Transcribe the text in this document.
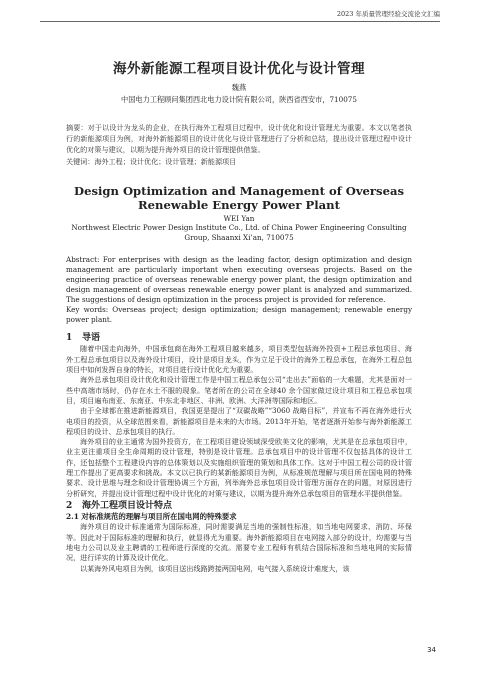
2023 年质量管理经验交流论文汇编
海外新能源工程项目设计优化与设计管理
魏燕
中国电力工程顾问集团西北电力设计院有限公司，陕西省西安市，710075
摘要：对于以设计为龙头的企业，在执行海外工程项目过程中，设计优化和设计管理尤为重要。本文以笔者执行的新能源项目为例，对海外新能源项目的设计优化与设计管理进行了分析和总结，提出设计管理过程中设计优化的对策与建议，以期为提升海外项目的设计管理提供借鉴。
关键词：海外工程；设计优化；设计管理；新能源项目
Design Optimization and Management of Overseas
Renewable Energy Power Plant
WEI Yan
Northwest Electric Power Design Institute Co., Ltd. of China Power Engineering Consulting
Group, Shaanxi Xi’an, 710075
Abstract: For enterprises with design as the leading factor, design optimization and design management are particularly important when executing overseas projects. Based on the engineering practice of overseas renewable energy power plant, the design optimization and design management of overseas renewable energy power plant is analyzed and summarized. The suggestions of design optimization in the process project is provided for reference.
Key words: Overseas project; design optimization; design management; renewable energy power plant.
1 导语

随着中国走向海外，中国承包商在海外工程项目越来越多，项目类型包括海外投资+工程总承包项目、海外工程总承包项目以及海外设计项目，设计是项目龙头，作为立足于设计的海外工程总承包，在海外工程总包项目中如何发挥自身的特长，对项目进行设计优化尤为重要。

海外总承包项目设计优化和设计管理工作是中国工程总承包公司“走出去”面临的一大难题，尤其是面对一些中高端市场时，仍存在水土不服的现象。笔者所在的公司在全球40 余个国家做过设计项目和工程总承包项目，项目遍布南亚、东南亚、中东北非地区、非洲、欧洲、大洋洲等国际和地区。

由于全球都在推进新能源项目，我国更是提出了“双碳战略”“3060 战略目标”，并宣布不再在海外进行火电项目的投资，从全球范围来看，新能源项目是未来的大市场。2013年开始，笔者逐渐开始参与海外新能源工程项目的设计、总承包项目的执行。

海外项目的业主通常为国外投资方，在工程项目建设领域深受欧美文化的影响，尤其是在总承包项目中，业主更注重项目全生命周期的设计管理，特别是设计管理。总承包项目中的设计管理不仅包括具体的设计工作，还包括整个工程建设内容的总体策划以及实施组织管理的策划和具体工作。这对于中国工程公司的设计管理工作提出了更高要求和挑战。本文以已执行的某新能源项目为例，从标准规范理解与项目所在国电网的特殊要求、设计思维与理念和设计管理协调三个方面，列举海外总承包项目设计管理方面存在的问题，对原因进行分析研究，并提出设计管理过程中设计优化的对策与建议，以期为提升海外总承包项目的管理水平提供借鉴。

2 海外工程项目设计特点
2.1 对标准规范的理解与项目所在国电网的特殊要求

海外项目的设计标准通常为国际标准，同时需要满足当地的强制性标准，如当地电网要求、消防、环保等。因此对于国际标准的理解和执行，就显得尤为重要。海外新能源项目在电网接入部分的设计，均需要与当地电力公司以及业主聘请的工程师进行深度的交流。需要专业工程师有机结合国际标准和当地电网的实际情况，进行详实的计算及设计优化。

以某海外风电项目为例，该项目送出线路跨接两国电网，电气接入系统设计难度大，该

34
